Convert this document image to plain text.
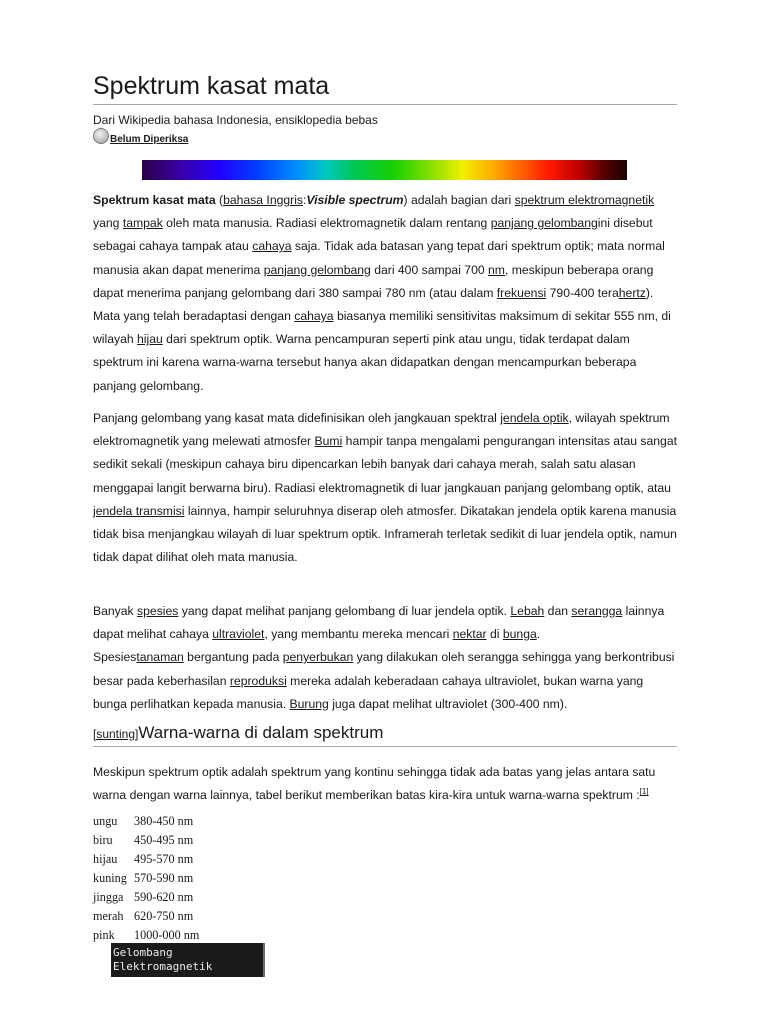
Spektrum kasat mata
Dari Wikipedia bahasa Indonesia, ensiklopedia bebas
Belum Diperiksa

Spektrum kasat mata (bahasa Inggris:Visible spectrum) adalah bagian dari spektrum elektromagnetik yang tampak oleh mata manusia. Radiasi elektromagnetik dalam rentang panjang gelombangini disebut sebagai cahaya tampak atau cahaya saja. Tidak ada batasan yang tepat dari spektrum optik; mata normal manusia akan dapat menerima panjang gelombang dari 400 sampai 700 nm, meskipun beberapa orang dapat menerima panjang gelombang dari 380 sampai 780 nm (atau dalam frekuensi 790-400 terahertz). Mata yang telah beradaptasi dengan cahaya biasanya memiliki sensitivitas maksimum di sekitar 555 nm, di wilayah hijau dari spektrum optik. Warna pencampuran seperti pink atau ungu, tidak terdapat dalam spektrum ini karena warna-warna tersebut hanya akan didapatkan dengan mencampurkan beberapa panjang gelombang.

Panjang gelombang yang kasat mata didefinisikan oleh jangkauan spektral jendela optik, wilayah spektrum elektromagnetik yang melewati atmosfer Bumi hampir tanpa mengalami pengurangan intensitas atau sangat sedikit sekali (meskipun cahaya biru dipencarkan lebih banyak dari cahaya merah, salah satu alasan menggapai langit berwarna biru). Radiasi elektromagnetik di luar jangkauan panjang gelombang optik, atau jendela transmisi lainnya, hampir seluruhnya diserap oleh atmosfer. Dikatakan jendela optik karena manusia tidak bisa menjangkau wilayah di luar spektrum optik. Inframerah terletak sedikit di luar jendela optik, namun tidak dapat dilihat oleh mata manusia.

Banyak spesies yang dapat melihat panjang gelombang di luar jendela optik. Lebah dan serangga lainnya dapat melihat cahaya ultraviolet, yang membantu mereka mencari nektar di bunga.
Spesiestanaman bergantung pada penyerbukan yang dilakukan oleh serangga sehingga yang berkontribusi besar pada keberhasilan reproduksi mereka adalah keberadaan cahaya ultraviolet, bukan warna yang bunga perlihatkan kepada manusia. Burung juga dapat melihat ultraviolet (300-400 nm).

[sunting] Warna-warna di dalam spektrum

Meskipun spektrum optik adalah spektrum yang kontinu sehingga tidak ada batas yang jelas antara satu warna dengan warna lainnya, tabel berikut memberikan batas kira-kira untuk warna-warna spektrum :[1]

ungu	380-450 nm
biru	450-495 nm
hijau	495-570 nm
kuning	570-590 nm
jingga	590-620 nm
merah	620-750 nm
pink	1000-000 nm
Gelombang
Elektromagnetik
